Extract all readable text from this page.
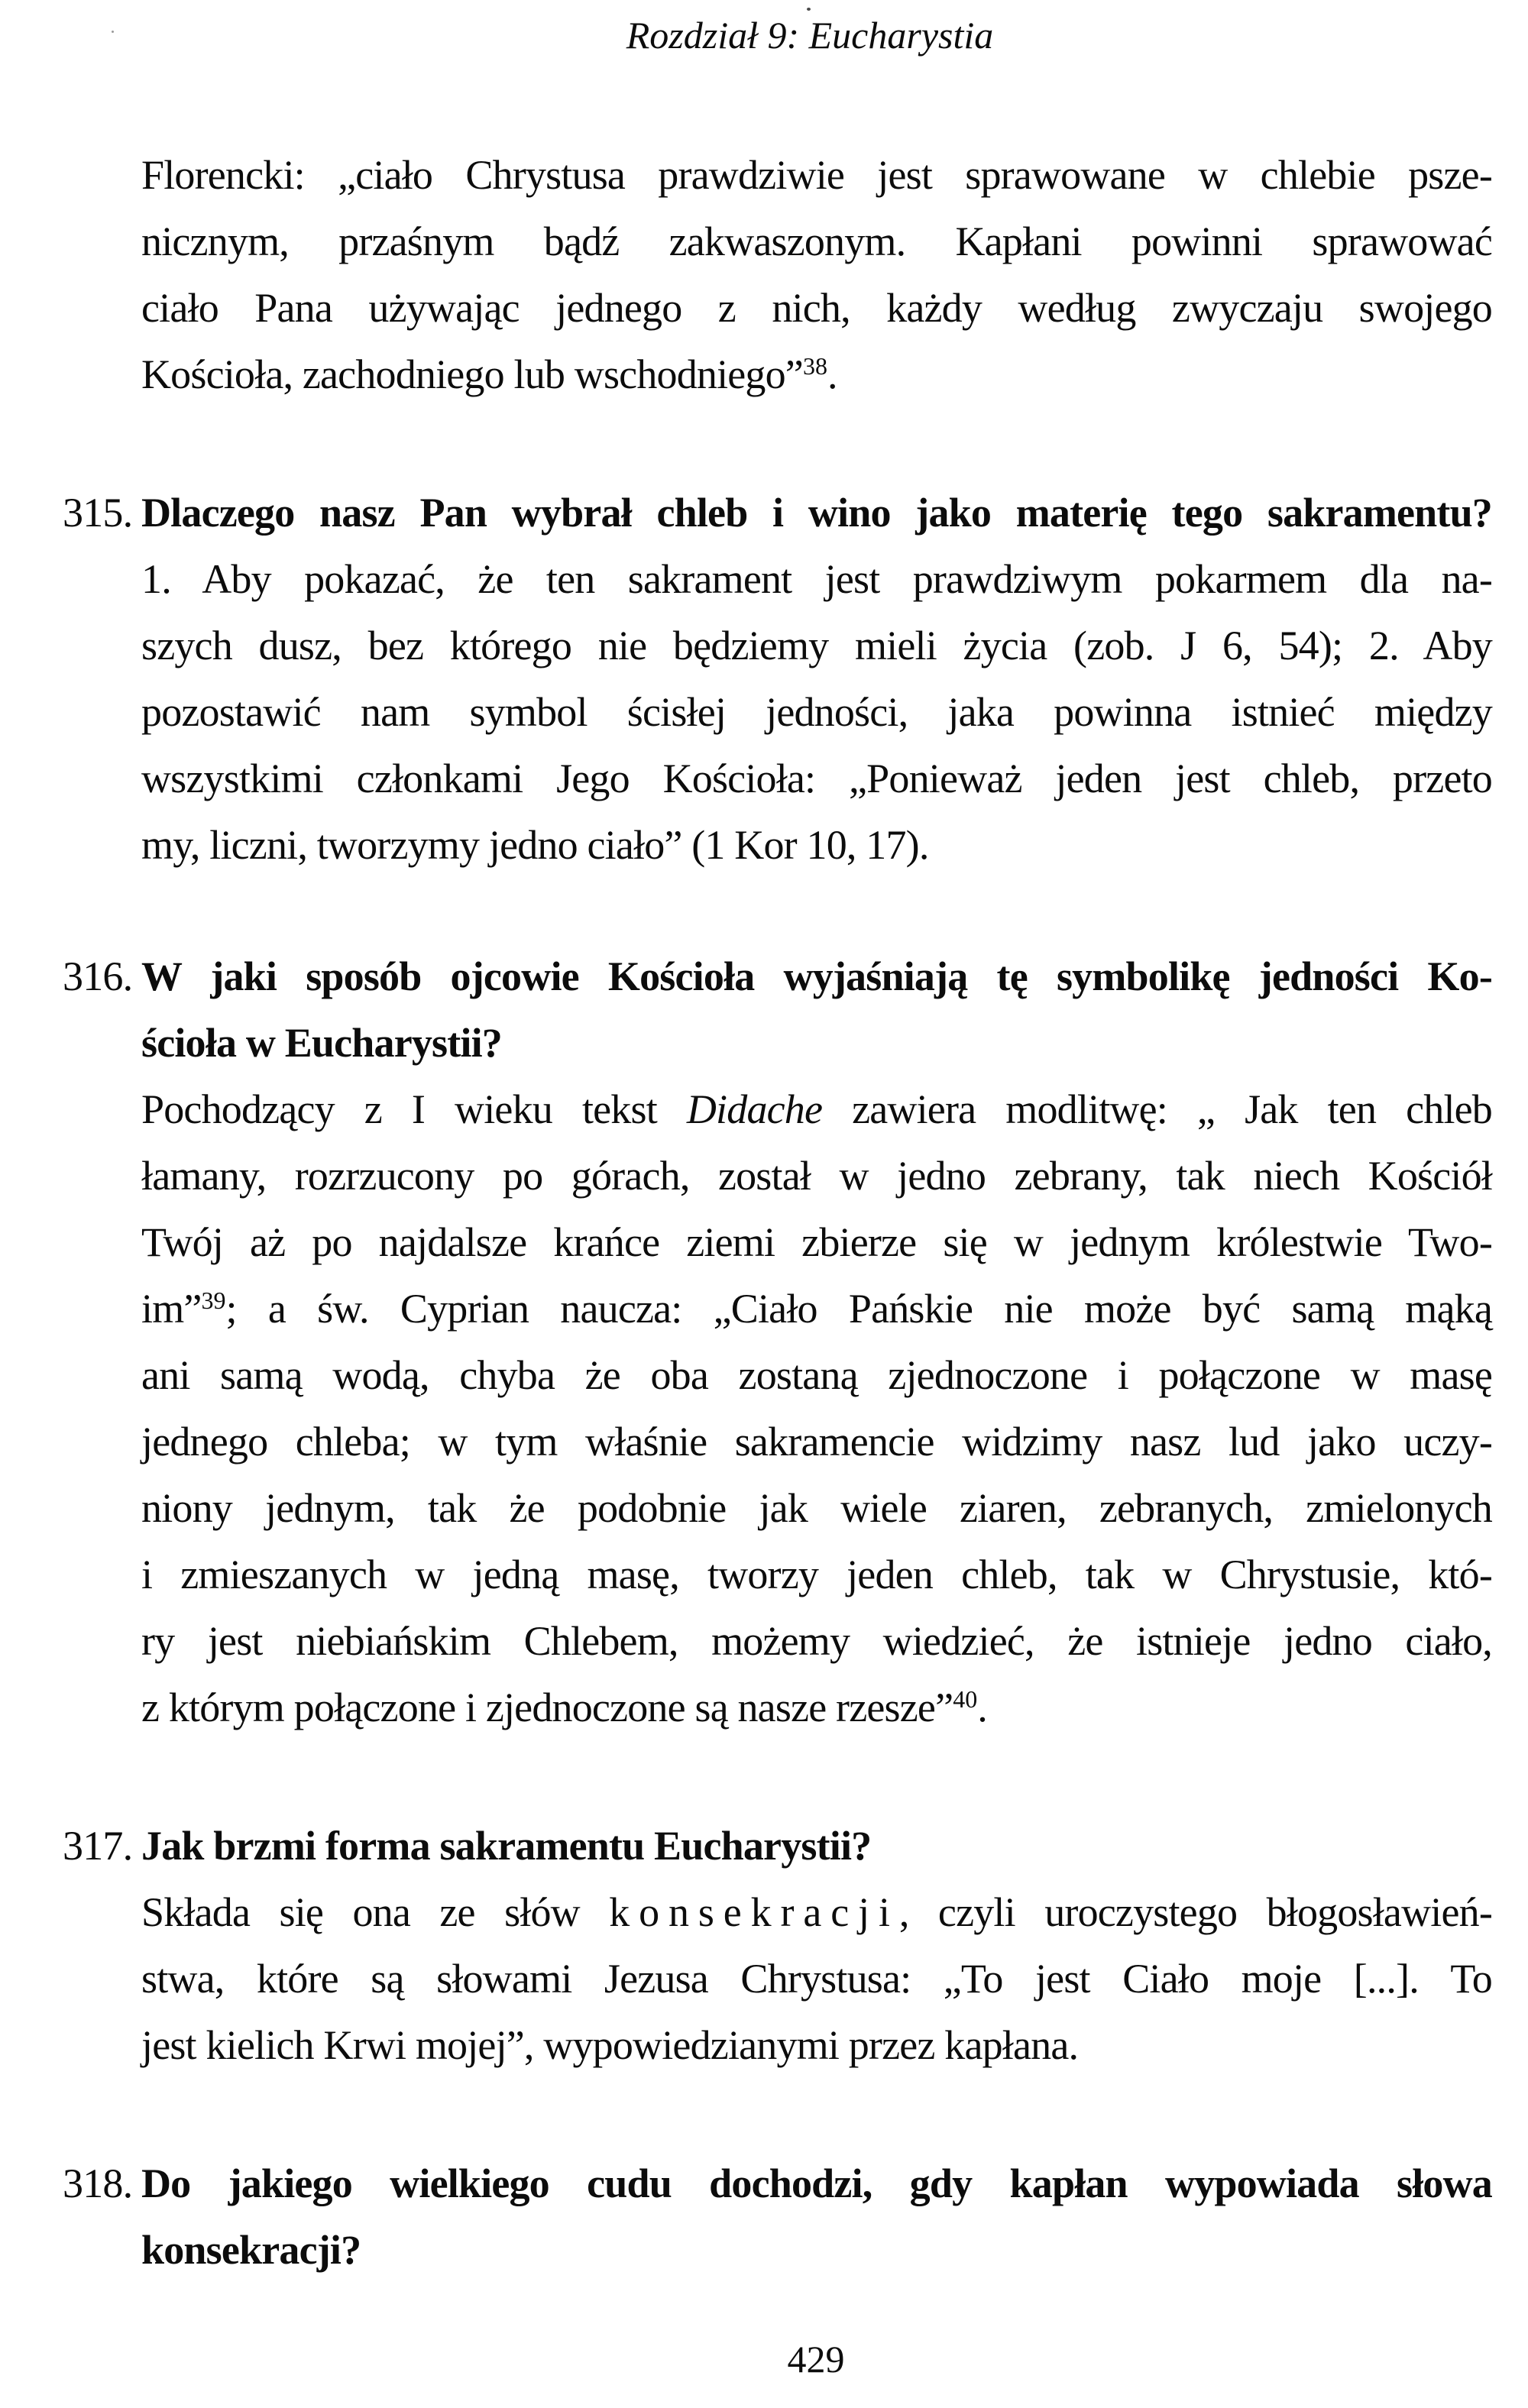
Rozdział 9: Eucharystia
Florencki: „ciało Chrystusa prawdziwie jest sprawowane w chlebie psze-
nicznym, przaśnym bądź zakwaszonym. Kapłani powinni sprawować
ciało Pana używając jednego z nich, każdy według zwyczaju swojego
Kościoła, zachodniego lub wschodniego”$^{38}$.
315. Dlaczego nasz Pan wybrał chleb i wino jako materię tego sakramentu?
1. Aby pokazać, że ten sakrament jest prawdziwym pokarmem dla na-
szych dusz, bez którego nie będziemy mieli życia (zob. J 6, 54); 2. Aby
pozostawić nam symbol ścisłej jedności, jaka powinna istnieć między
wszystkimi członkami Jego Kościoła: „Ponieważ jeden jest chleb, przeto
my, liczni, tworzymy jedno ciało” (1 Kor 10, 17).
316. W jaki sposób ojcowie Kościoła wyjaśniają tę symbolikę jedności Ko-
ścioła w Eucharystii?
Pochodzący z I wieku tekst Didache zawiera modlitwę: „ Jak ten chleb
łamany, rozrzucony po górach, został w jedno zebrany, tak niech Kościół
Twój aż po najdalsze krańce ziemi zbierze się w jednym królestwie Two-
im”$^{39}$; a św. Cyprian naucza: „Ciało Pańskie nie może być samą mąką
ani samą wodą, chyba że oba zostaną zjednoczone i połączone w masę
jednego chleba; w tym właśnie sakramencie widzimy nasz lud jako uczy-
niony jednym, tak że podobnie jak wiele ziaren, zebranych, zmielonych
i zmieszanych w jedną masę, tworzy jeden chleb, tak w Chrystusie, któ-
ry jest niebiańskim Chlebem, możemy wiedzieć, że istnieje jedno ciało,
z którym połączone i zjednoczone są nasze rzesze”$^{40}$.
317. Jak brzmi forma sakramentu Eucharystii?
Składa się ona ze słów konsekracji, czyli uroczystego błogosławień-
stwa, które są słowami Jezusa Chrystusa: „To jest Ciało moje [...]. To
jest kielich Krwi mojej”, wypowiedzianymi przez kapłana.
318. Do jakiego wielkiego cudu dochodzi, gdy kapłan wypowiada słowa
konsekracji?
429
